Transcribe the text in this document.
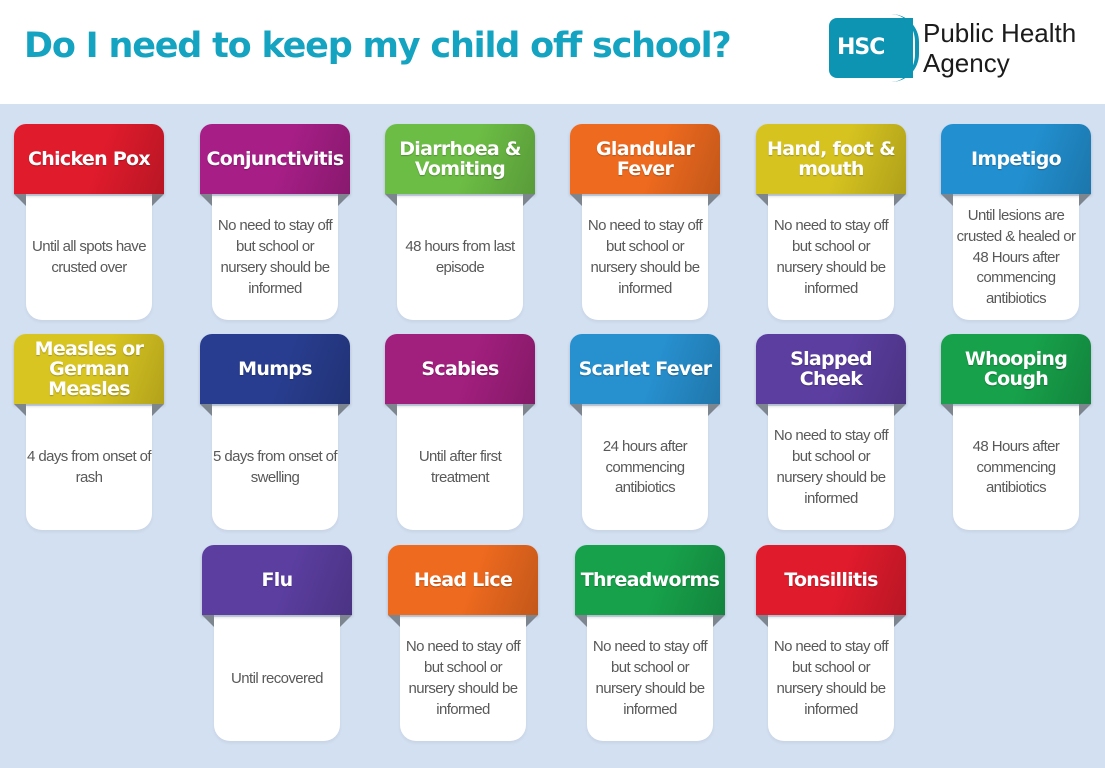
Do I need to keep my child off school?	HSC	Public Health
Agency
Until all spots have crusted over
Chicken Pox
No need to stay off but school or nursery should be informed
Conjunctivitis
48 hours from last episode
Diarrhoea & Vomiting
No need to stay off but school or nursery should be informed
Glandular Fever
No need to stay off but school or nursery should be informed
Hand, foot & mouth
Until lesions are crusted & healed or 48 Hours after commencing antibiotics
Impetigo
4 days from onset of rash
Measles or German Measles
5 days from onset of swelling
Mumps
Until after first treatment
Scabies
24 hours after commencing antibiotics
Scarlet Fever
No need to stay off but school or nursery should be informed
Slapped Cheek
48 Hours after commencing antibiotics
Whooping Cough
Until recovered
Flu
No need to stay off but school or nursery should be informed
Head Lice
No need to stay off but school or nursery should be informed
Threadworms
No need to stay off but school or nursery should be informed
Tonsillitis
